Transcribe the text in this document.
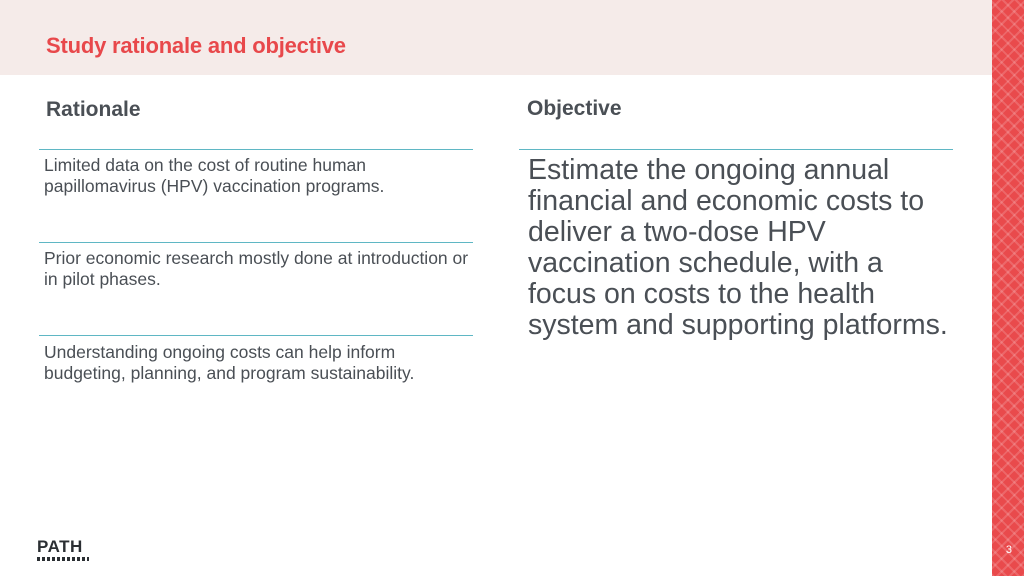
Study rationale and objective
3
Rationale	Objective
Limited data on the cost of routine human papillomavirus (HPV) vaccination programs.
Prior economic research mostly done at introduction or in pilot phases.
Understanding ongoing costs can help inform budgeting, planning, and program sustainability.
Estimate the ongoing annual financial and economic costs to deliver a two-dose HPV vaccination schedule, with a focus on costs to the health system and supporting platforms.
PATH
